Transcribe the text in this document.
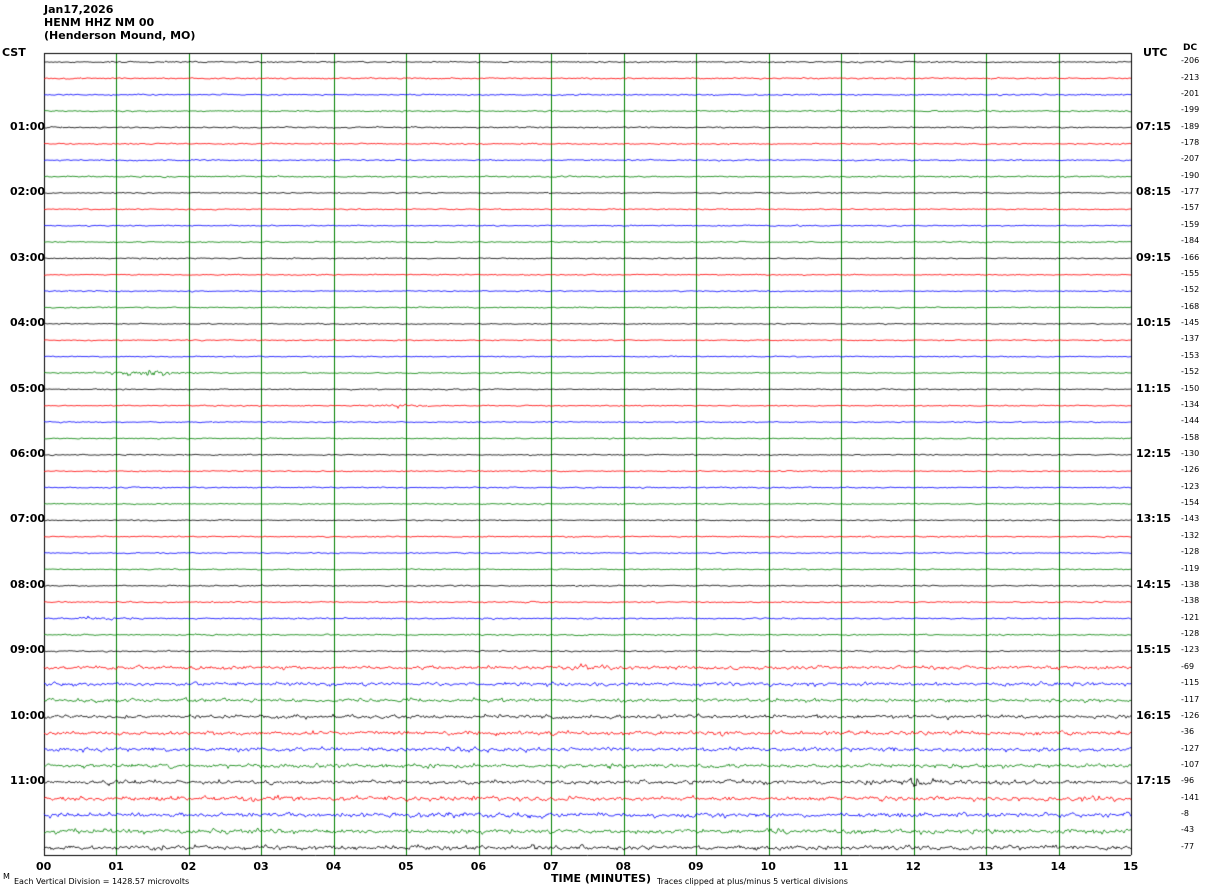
Jan17,2026
HENM HHZ NM 00
(Henderson Mound, MO)
CST	UTC DC
01:00
02:00
03:00
04:00
05:00
06:00
07:00
08:00
09:00
10:00
11:00
07:15
08:15
09:15
10:15
11:15
12:15
13:15
14:15
15:15
16:15
17:15
-206
-213
-201
-199
-189
-178
-207
-190
-177
-157
-159
-184
-166
-155
-152
-168
-145
-137
-153
-152
-150
-134
-144
-158
-130
-126
-123
-154
-143
-132
-128
-119
-138
-138
-121
-128
-123
-69
-115
-117
-126
-36
-127
-107
-96
-141
-8
-43
-77
00	01	02	03	04	05	06	07	08	09	10	11	12	13	14	15
TIME (MINUTES)
Each Vertical Division = 1428.57 microvolts	Traces clipped at plus/minus 5 vertical divisions
M
